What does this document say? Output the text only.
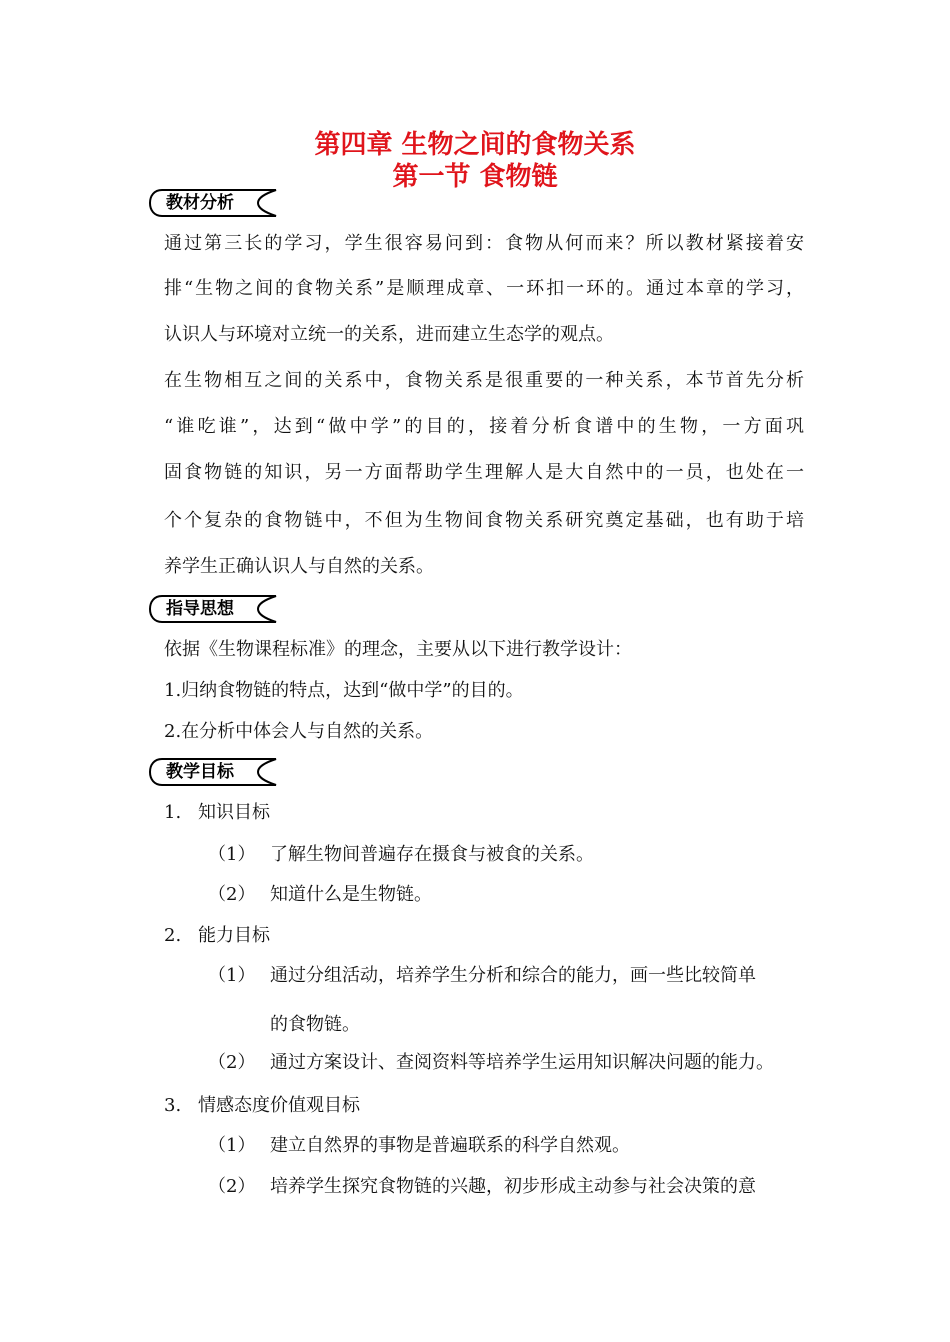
第四章 生物之间的食物关系
第一节 食物链
教材分析
通过第三长的学习，学生很容易问到：食物从何而来？所以教材紧接着安
排“生物之间的食物关系”是顺理成章、一环扣一环的。通过本章的学习，
认识人与环境对立统一的关系，进而建立生态学的观点。
在生物相互之间的关系中，食物关系是很重要的一种关系，本节首先分析
“谁吃谁”，达到“做中学”的目的，接着分析食谱中的生物，一方面巩
固食物链的知识，另一方面帮助学生理解人是大自然中的一员，也处在一
个个复杂的食物链中，不但为生物间食物关系研究奠定基础，也有助于培
养学生正确认识人与自然的关系。
指导思想
依据《生物课程标准》的理念，主要从以下进行教学设计：
1.归纳食物链的特点，达到“做中学”的目的。
2.在分析中体会人与自然的关系。
教学目标
1. 知识目标
（1） 了解生物间普遍存在摄食与被食的关系。
（2） 知道什么是生物链。
2. 能力目标
（1） 通过分组活动，培养学生分析和综合的能力，画一些比较简单
的食物链。
（2） 通过方案设计、查阅资料等培养学生运用知识解决问题的能力。
3. 情感态度价值观目标
（1） 建立自然界的事物是普遍联系的科学自然观。
（2） 培养学生探究食物链的兴趣，初步形成主动参与社会决策的意
